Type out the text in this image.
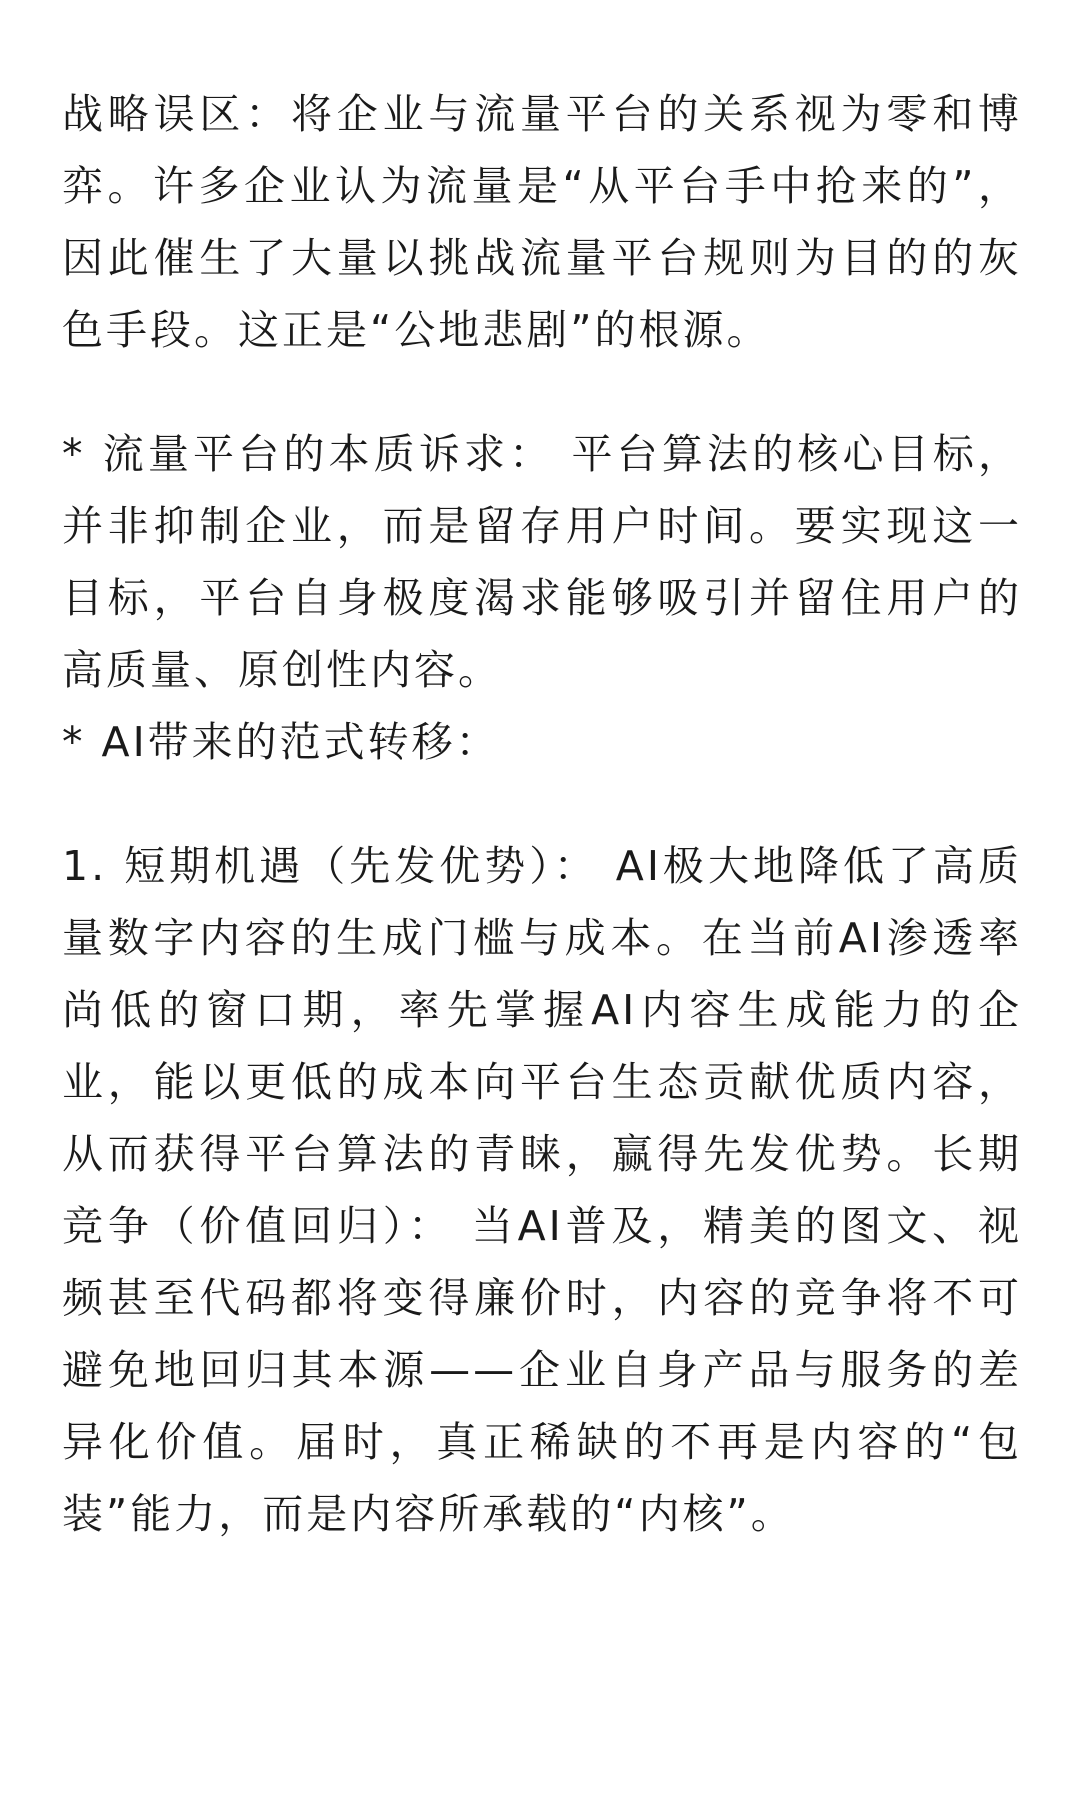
战略误区：将企业与流量平台的关系视为零和博弈。许多企业认为流量是“从平台手中抢来的”，因此催生了大量以挑战流量平台规则为目的的灰色手段。这正是“公地悲剧”的根源。

* 流量平台的本质诉求： 平台算法的核心目标，并非抑制企业，而是留存用户时间。要实现这一目标，平台自身极度渴求能够吸引并留住用户的高质量、原创性内容。

* AI带来的范式转移：

1. 短期机遇（先发优势）： AI极大地降低了高质量数字内容的生成门槛与成本。在当前AI渗透率尚低的窗口期，率先掌握AI内容生成能力的企业，能以更低的成本向平台生态贡献优质内容，从而获得平台算法的青睐，赢得先发优势。长期竞争（价值回归）： 当AI普及，精美的图文、视频甚至代码都将变得廉价时，内容的竞争将不可避免地回归其本源——企业自身产品与服务的差异化价值。届时，真正稀缺的不再是内容的“包装”能力，而是内容所承载的“内核”。
